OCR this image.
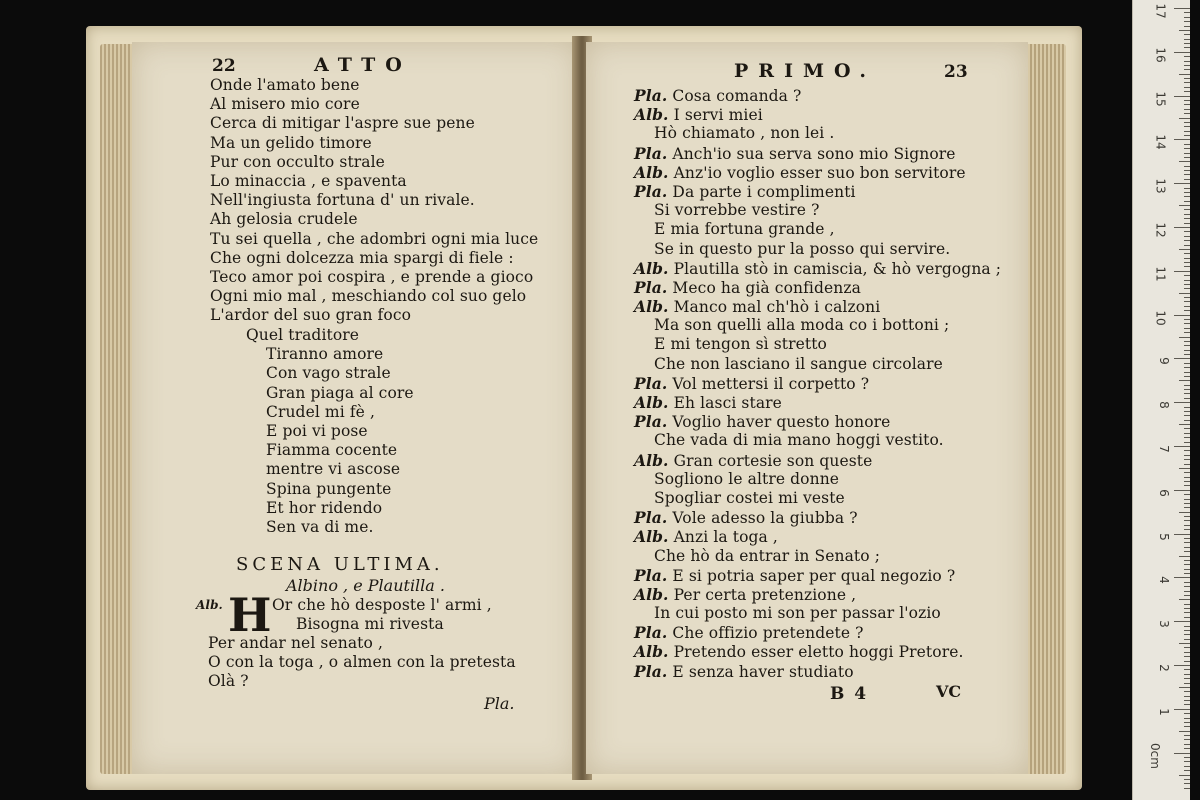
22	ATTO
Onde l'amato bene
Al misero mio core
Cerca di mitigar l'aspre sue pene
Ma un gelido timore
Pur con occulto strale
Lo minaccia , e spaventa
Nell'ingiusta fortuna d' un rivale.
Ah gelosia crudele
Tu sei quella , che adombri ogni mia luce
Che ogni dolcezza mia spargi di fiele :
Teco amor poi cospira , e prende a gioco
Ogni mio mal , meschiando col suo gelo
L'ardor del suo gran foco
Quel traditore
Tiranno amore
Con vago strale
Gran piaga al core
Crudel mi fè ,
E poi vi pose
Fiamma cocente
mentre vi ascose
Spina pungente
Et hor ridendo
Sen va di me.
SCENA ULTIMA.
Albino , e Plautilla .
Alb. H Or che hò desposte l' armi ,
Bisogna mi rivesta
Per andar nel senato ,
O con la toga , o almen con la pretesta
Olà ?
Pla.
PRIMO.	23
Pla. Cosa comanda ?
Alb. I servi miei
Hò chiamato , non lei .
Pla. Anch'io sua serva sono mio Signore
Alb. Anz'io voglio esser suo bon servitore
Pla. Da parte i complimenti
Si vorrebbe vestire ?
E mia fortuna grande ,
Se in questo pur la posso qui servire.
Alb. Plautilla stò in camiscia, & hò vergogna ;
Pla. Meco ha già confidenza
Alb. Manco mal ch'hò i calzoni
Ma son quelli alla moda co i bottoni ;
E mi tengon sì stretto
Che non lasciano il sangue circolare
Pla. Vol mettersi il corpetto ?
Alb. Eh lasci stare
Pla. Voglio haver questo honore
Che vada di mia mano hoggi vestito.
Alb. Gran cortesie son queste
Sogliono le altre donne
Spogliar costei mi veste
Pla. Vole adesso la giubba ?
Alb. Anzi la toga ,
Che hò da entrar in Senato ;
Pla. E si potria saper per qual negozio ?
Alb. Per certa pretenzione ,
In cui posto mi son per passar l'ozio
Pla. Che offizio pretendete ?
Alb. Pretendo esser eletto hoggi Pretore.
Pla. E senza haver studiato
B 4	VC
17
16
15
14
13
12
11
10
9
8
7
6
5
4
3
2
1
0cm
